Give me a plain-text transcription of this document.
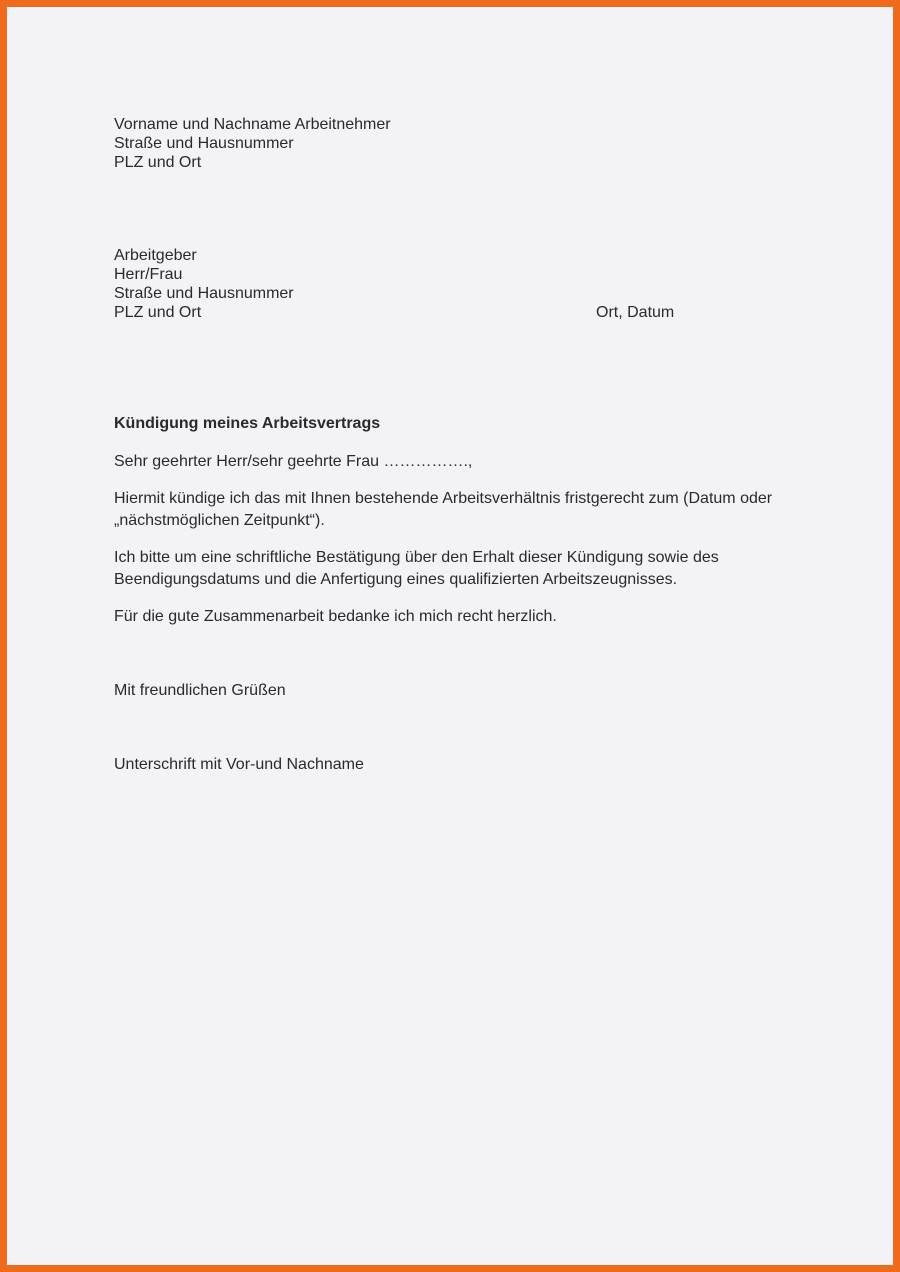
Vorname und Nachname Arbeitnehmer
Straße und Hausnummer
PLZ und Ort
Arbeitgeber
Herr/Frau
Straße und Hausnummer
PLZ und Ort	Ort, Datum
Kündigung meines Arbeitsvertrags
Sehr geehrter Herr/sehr geehrte Frau …………….,
Hiermit kündige ich das mit Ihnen bestehende Arbeitsverhältnis fristgerecht zum (Datum oder
„nächstmöglichen Zeitpunkt“).
Ich bitte um eine schriftliche Bestätigung über den Erhalt dieser Kündigung sowie des
Beendigungsdatums und die Anfertigung eines qualifizierten Arbeitszeugnisses.
Für die gute Zusammenarbeit bedanke ich mich recht herzlich.
Mit freundlichen Grüßen
Unterschrift mit Vor-und Nachname
